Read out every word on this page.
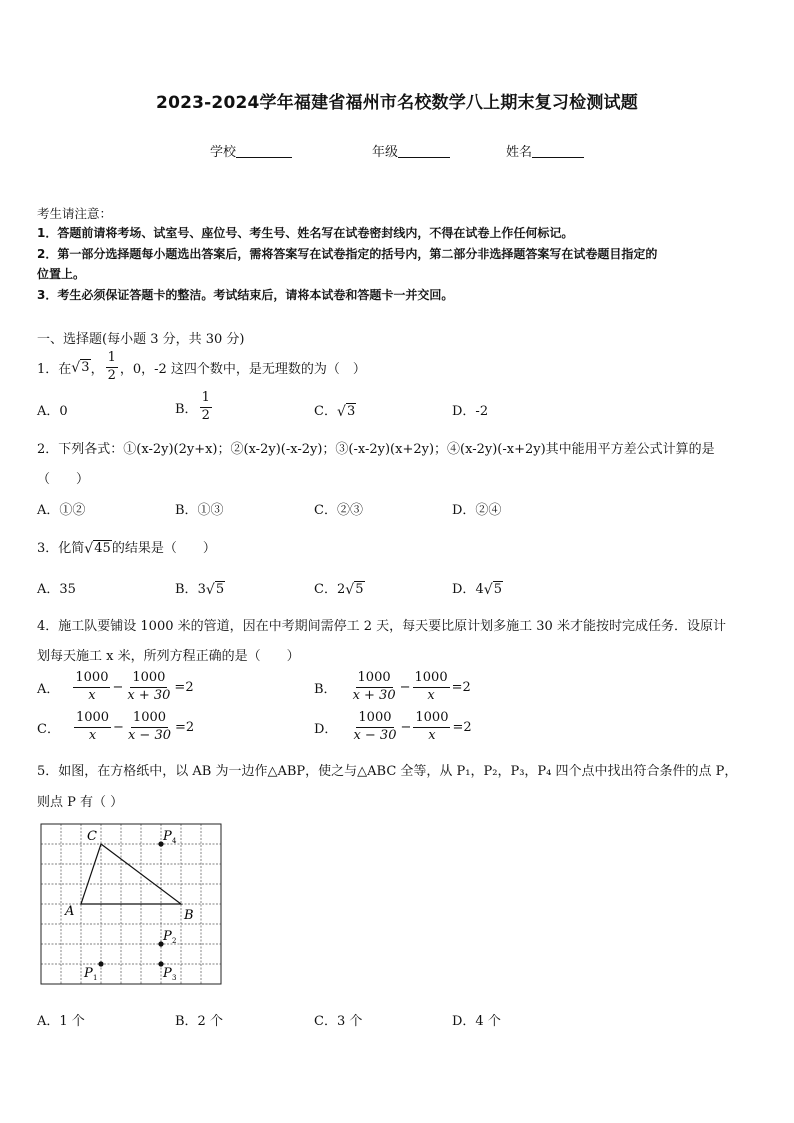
2023-2024学年福建省福州市名校数学八上期末复习检测试题
学校	年级	姓名
考生请注意：
1．答题前请将考场、试室号、座位号、考生号、姓名写在试卷密封线内，不得在试卷上作任何标记。
2．第一部分选择题每小题选出答案后，需将答案写在试卷指定的括号内，第二部分非选择题答案写在试卷题目指定的
位置上。
3．考生必须保证答题卡的整洁。考试结束后，请将本试卷和答题卡一并交回。
一、选择题(每小题 3 分，共 30 分)
1．在 √ 3 ， $\frac{1}{2}$ ，0，-2 这四个数中，是无理数的为（　）
A．0	B． $\frac{1}{2}$	C． √ 3	D．-2
2．下列各式：①(x-2y)(2y+x)；②(x-2y)(-x-2y)；③(-x-2y)(x+2y)；④(x-2y)(-x+2y)其中能用平方差公式计算的是
（　　）
A．①②	B．①③	C．②③	D．②④
3．化简 √ 45的结果是（　　）
A．35	B．3 √ 5	C．2 √ 5	D．4 √ 5
4．施工队要铺设 1000 米的管道，因在中考期间需停工 2 天，每天要比原计划多施工 30 米才能按时完成任务．设原计
划每天施工 x 米，所列方程正确的是（　　）
A． $\frac{1000}{x} - \frac{1000}{x + 30} =2$	B． $\frac{1000}{x + 30} - \frac{1000}{x} =2$
C． $\frac{1000}{x} - \frac{1000}{x - 30} =2$	D． $\frac{1000}{x - 30} - \frac{1000}{x} =2$
5．如图，在方格纸中，以 AB 为一边作△ABP，使之与△ABC 全等，从 P₁，P₂，P₃，P₄ 四个点中找出符合条件的点 P，
则点 P 有（ ）
C
A	B
P 4
P 2
P 1	P 3
A．1 个	B．2 个	C．3 个	D．4 个
